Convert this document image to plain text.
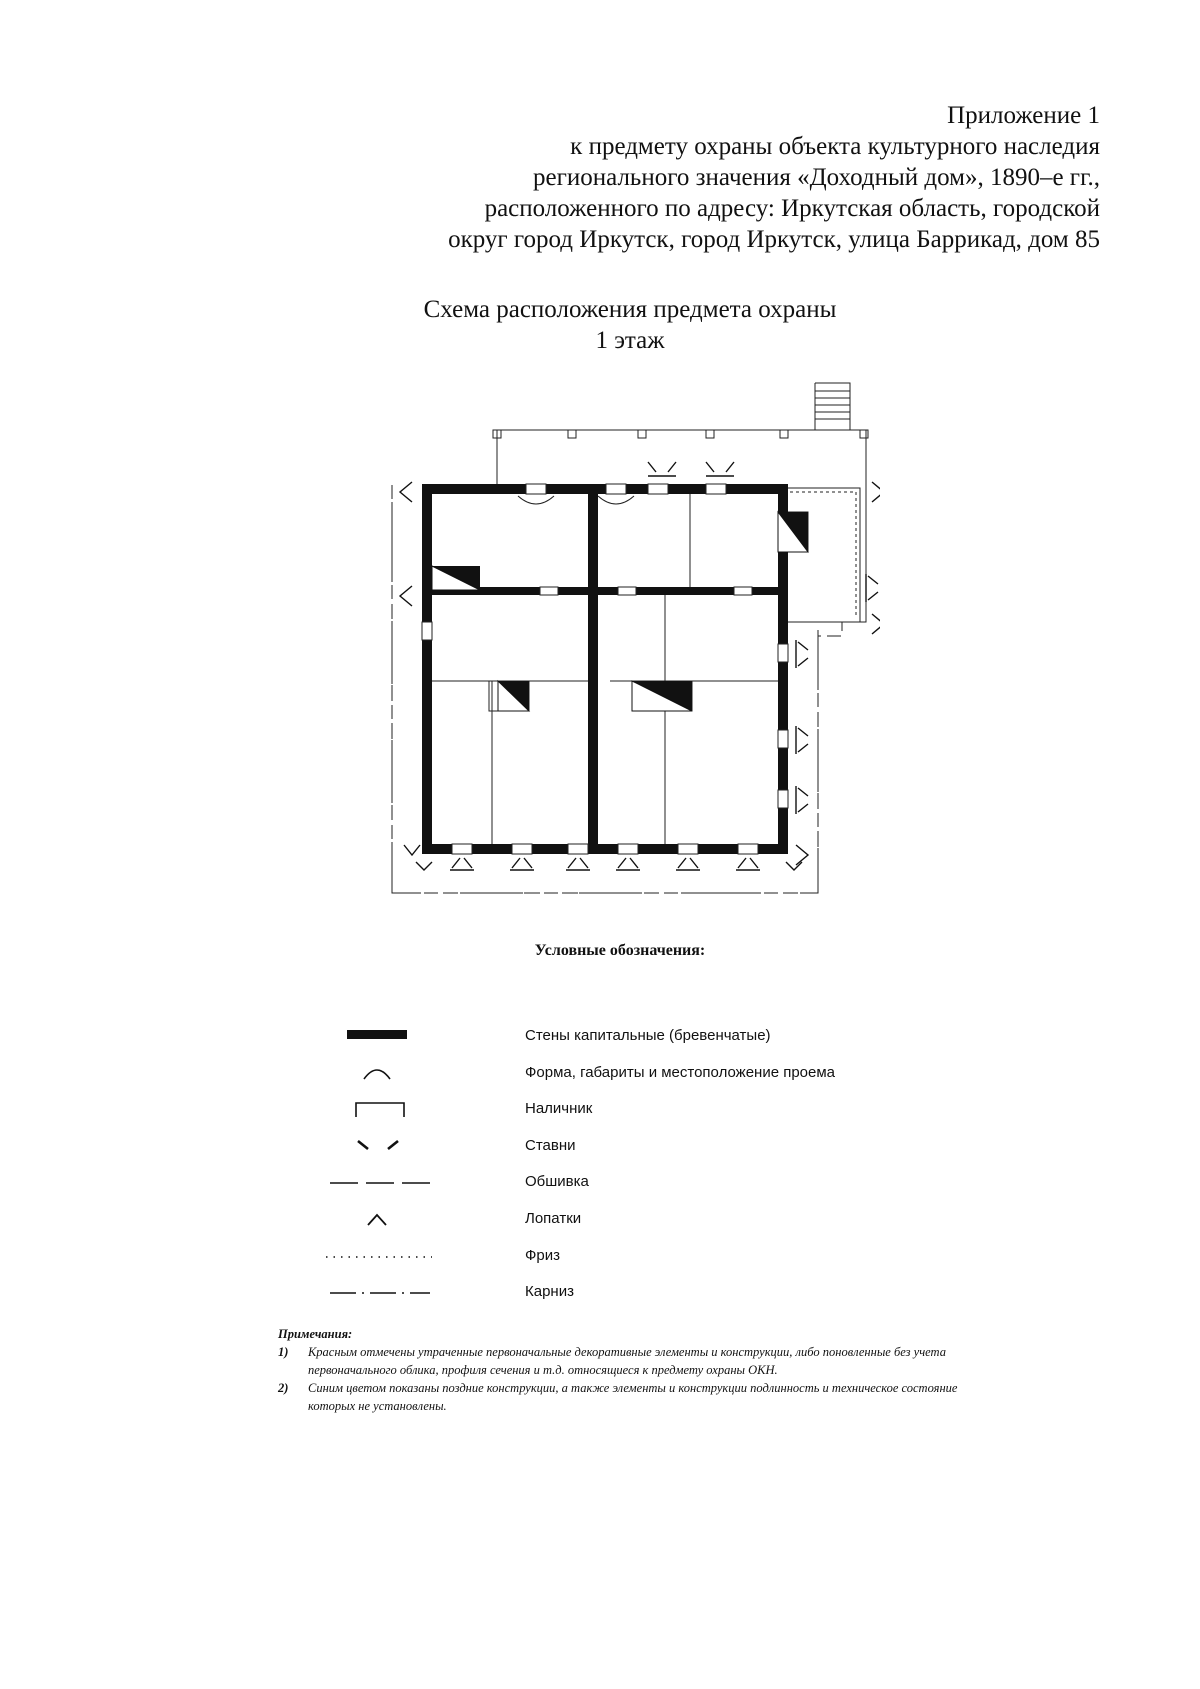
Приложение 1
к предмету охраны объекта культурного наследия
регионального значения «Доходный дом», 1890–е гг.,
расположенного по адресу: Иркутская область, городской
округ город Иркутск, город Иркутск, улица Баррикад, дом 85
Схема расположения предмета охраны
1 этаж
Условные обозначения:
Стены капитальные (бревенчатые)
Форма, габариты и местоположение проема
Наличник
Ставни
Обшивка
Лопатки
Фриз
Карниз
Примечания:
1) Красным отмечены утраченные первоначальные декоративные элементы и конструкции, либо поновленные без учета первоначального облика, профиля сечения и т.д. относящиеся к предмету охраны ОКН.
2) Синим цветом показаны поздние конструкции, а также элементы и конструкции подлинность и техническое состояние которых не установлены.
